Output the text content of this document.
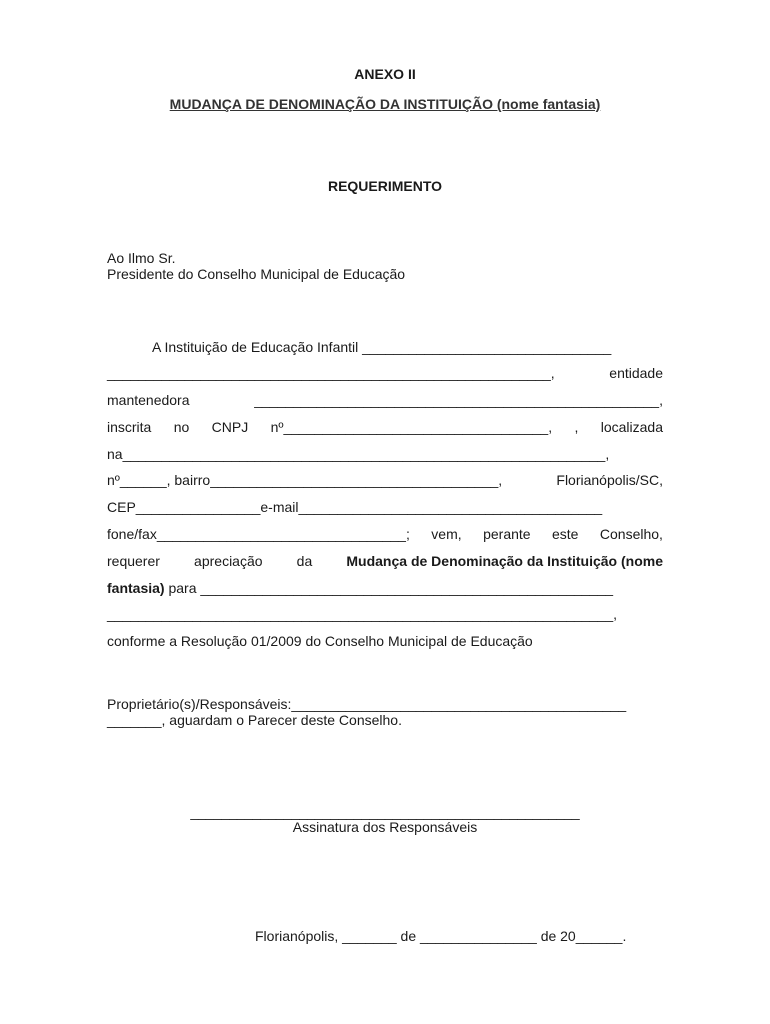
ANEXO II
MUDANÇA DE DENOMINAÇÃO DA INSTITUIÇÃO (nome fantasia)
REQUERIMENTO
Ao Ilmo Sr.
Presidente do Conselho Municipal de Educação
A Instituição de Educação Infantil ________________________________
_________________________________________________________,	entidade
mantenedora	____________________________________________________,
inscrita no CNPJ nº__________________________________, , localizada
na______________________________________________________________,
nº______, bairro_____________________________________,	Florianópolis/SC,
CEP________________e-mail_______________________________________
fone/fax________________________________; vem, perante este Conselho,
requerer apreciação da Mudança de Denominação da Instituição (nome
fantasia) para _____________________________________________________
_________________________________________________________________,
conforme a Resolução 01/2009 do Conselho Municipal de Educação
Proprietário(s)/Responsáveis:___________________________________________
_______, aguardam o Parecer deste Conselho.
__________________________________________________
Assinatura dos Responsáveis
Florianópolis, _______ de _______________ de 20______.
